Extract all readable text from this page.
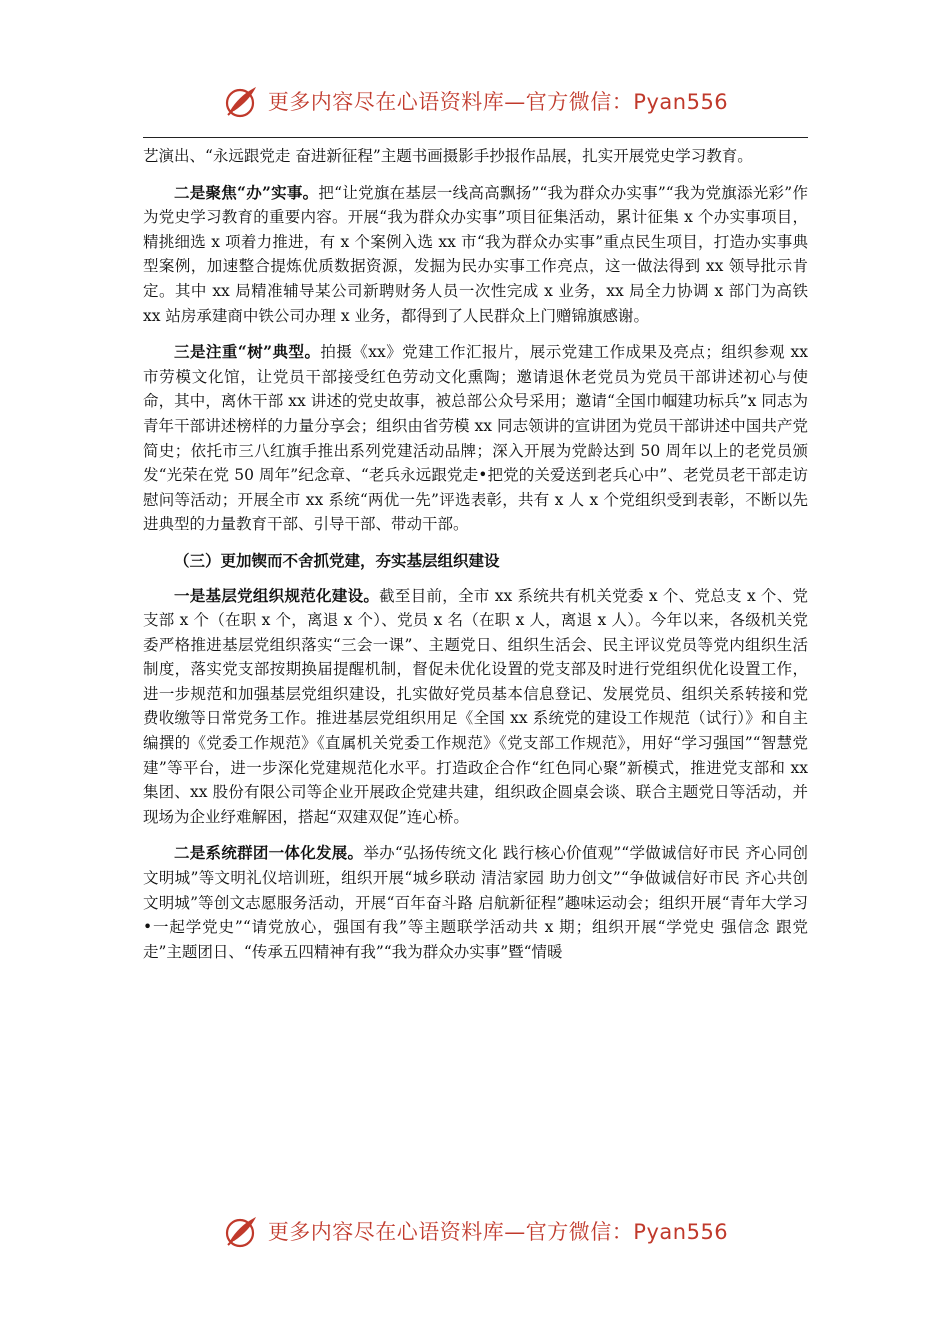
更多内容尽在心语资料库—官方微信：Pyan556

艺演出、“永远跟党走 奋进新征程”主题书画摄影手抄报作品展，扎实开展党史学习教育。

二是聚焦“办”实事。把“让党旗在基层一线高高飘扬”“我为群众办实事”“我为党旗添光彩”作为党史学习教育的重要内容。开展“我为群众办实事”项目征集活动，累计征集 x 个办实事项目，精挑细选 x 项着力推进，有 x 个案例入选 xx 市“我为群众办实事”重点民生项目，打造办实事典型案例，加速整合提炼优质数据资源，发掘为民办实事工作亮点，这一做法得到 xx 领导批示肯定。其中 xx 局精准辅导某公司新聘财务人员一次性完成 x 业务，xx 局全力协调 x 部门为高铁 xx 站房承建商中铁公司办理 x 业务，都得到了人民群众上门赠锦旗感谢。

三是注重“树”典型。拍摄《xx》党建工作汇报片，展示党建工作成果及亮点；组织参观 xx 市劳模文化馆，让党员干部接受红色劳动文化熏陶；邀请退休老党员为党员干部讲述初心与使命，其中，离休干部 xx 讲述的党史故事，被总部公众号采用；邀请“全国巾帼建功标兵”x 同志为青年干部讲述榜样的力量分享会；组织由省劳模 xx 同志领讲的宣讲团为党员干部讲述中国共产党简史；依托市三八红旗手推出系列党建活动品牌；深入开展为党龄达到 50 周年以上的老党员颁发“光荣在党 50 周年”纪念章、“老兵永远跟党走•把党的关爱送到老兵心中”、老党员老干部走访慰问等活动；开展全市 xx 系统“两优一先”评选表彰，共有 x 人 x 个党组织受到表彰，不断以先进典型的力量教育干部、引导干部、带动干部。

（三）更加锲而不舍抓党建，夯实基层组织建设

一是基层党组织规范化建设。截至目前，全市 xx 系统共有机关党委 x 个、党总支 x 个、党支部 x 个（在职 x 个，离退 x 个）、党员 x 名（在职 x 人，离退 x 人）。今年以来，各级机关党委严格推进基层党组织落实“三会一课”、主题党日、组织生活会、民主评议党员等党内组织生活制度，落实党支部按期换届提醒机制，督促未优化设置的党支部及时进行党组织优化设置工作，进一步规范和加强基层党组织建设，扎实做好党员基本信息登记、发展党员、组织关系转接和党费收缴等日常党务工作。推进基层党组织用足《全国 xx 系统党的建设工作规范（试行）》和自主编撰的《党委工作规范》《直属机关党委工作规范》《党支部工作规范》，用好“学习强国”“智慧党建”等平台，进一步深化党建规范化水平。打造政企合作“红色同心聚”新模式，推进党支部和 xx 集团、xx 股份有限公司等企业开展政企党建共建，组织政企圆桌会谈、联合主题党日等活动，并现场为企业纾难解困，搭起“双建双促”连心桥。

二是系统群团一体化发展。举办“弘扬传统文化 践行核心价值观”“学做诚信好市民 齐心同创文明城”等文明礼仪培训班，组织开展“城乡联动 清洁家园 助力创文”“争做诚信好市民 齐心共创文明城”等创文志愿服务活动，开展“百年奋斗路 启航新征程”趣味运动会；组织开展“青年大学习•一起学党史”“请党放心，强国有我”等主题联学活动共 x 期；组织开展“学党史 强信念 跟党走”主题团日、“传承五四精神有我”“我为群众办实事”暨“情暖

更多内容尽在心语资料库—官方微信：Pyan556
